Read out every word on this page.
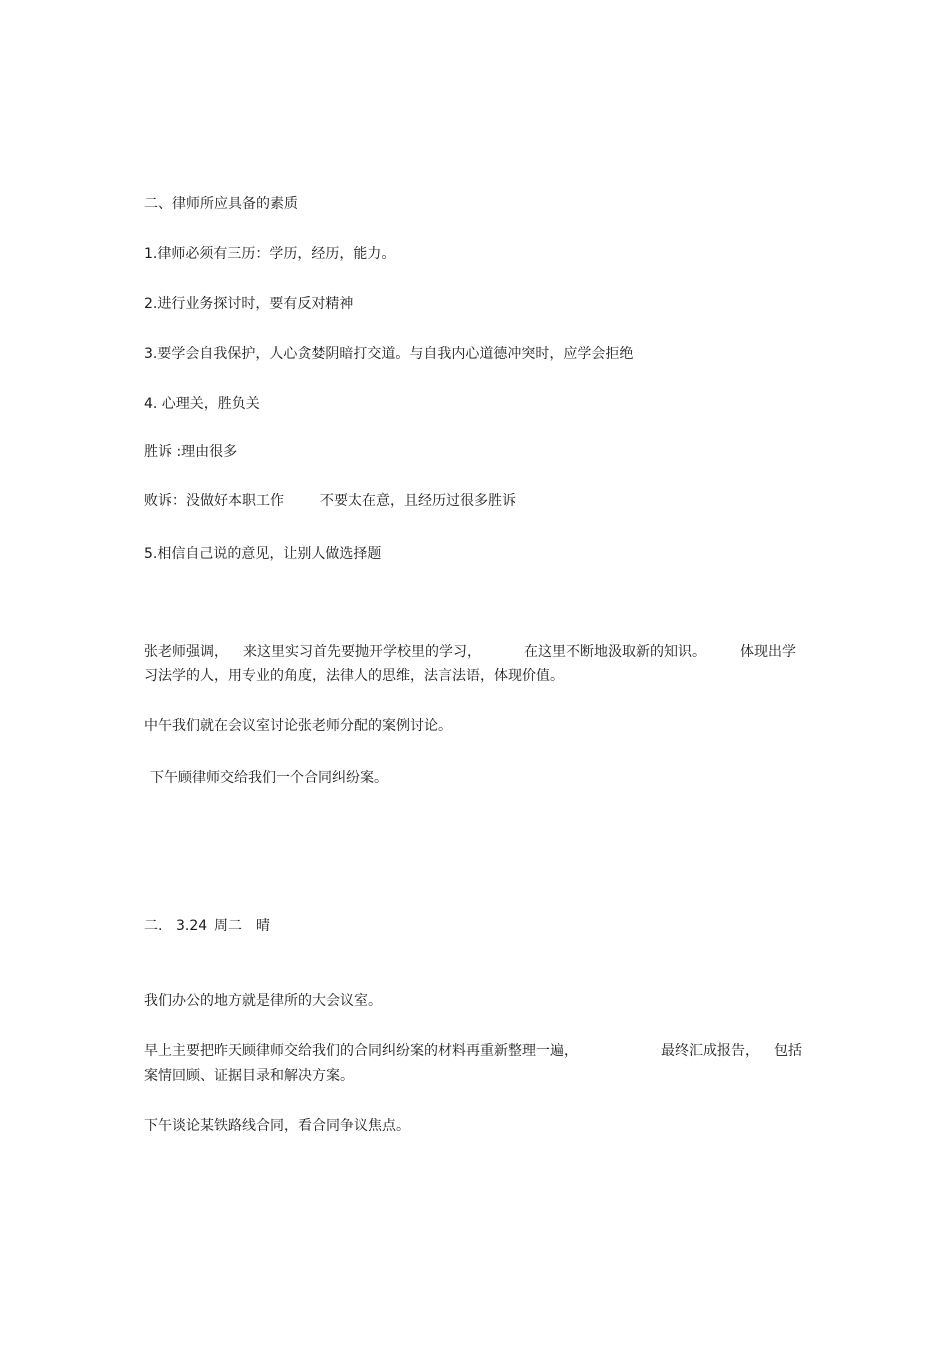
二、律师所应具备的素质

1.律师必须有三历：学历，经历，能力。

2.进行业务探讨时，要有反对精神

3.要学会自我保护，人心贪婪阴暗打交道。与自我内心道德冲突时，应学会拒绝

4. 心理关，胜负关

胜诉 :理由很多

败诉：没做好本职工作	不要太在意，且经历过很多胜诉

5.相信自己说的意见，让别人做选择题

张老师强调， 来这里实习首先要抛开学校里的学习，	在这里不断地汲取新的知识。 体现出学

习法学的人，用专业的角度，法律人的思维，法言法语，体现价值。

中午我们就在会议室讨论张老师分配的案例讨论。

下午顾律师交给我们一个合同纠纷案。

二. 3.24 周二 晴

我们办公的地方就是律所的大会议室。

早上主要把昨天顾律师交给我们的合同纠纷案的材料再重新整理一遍，	最终汇成报告， 包括

案情回顾、证据目录和解决方案。

下午谈论某铁路线合同，看合同争议焦点。
